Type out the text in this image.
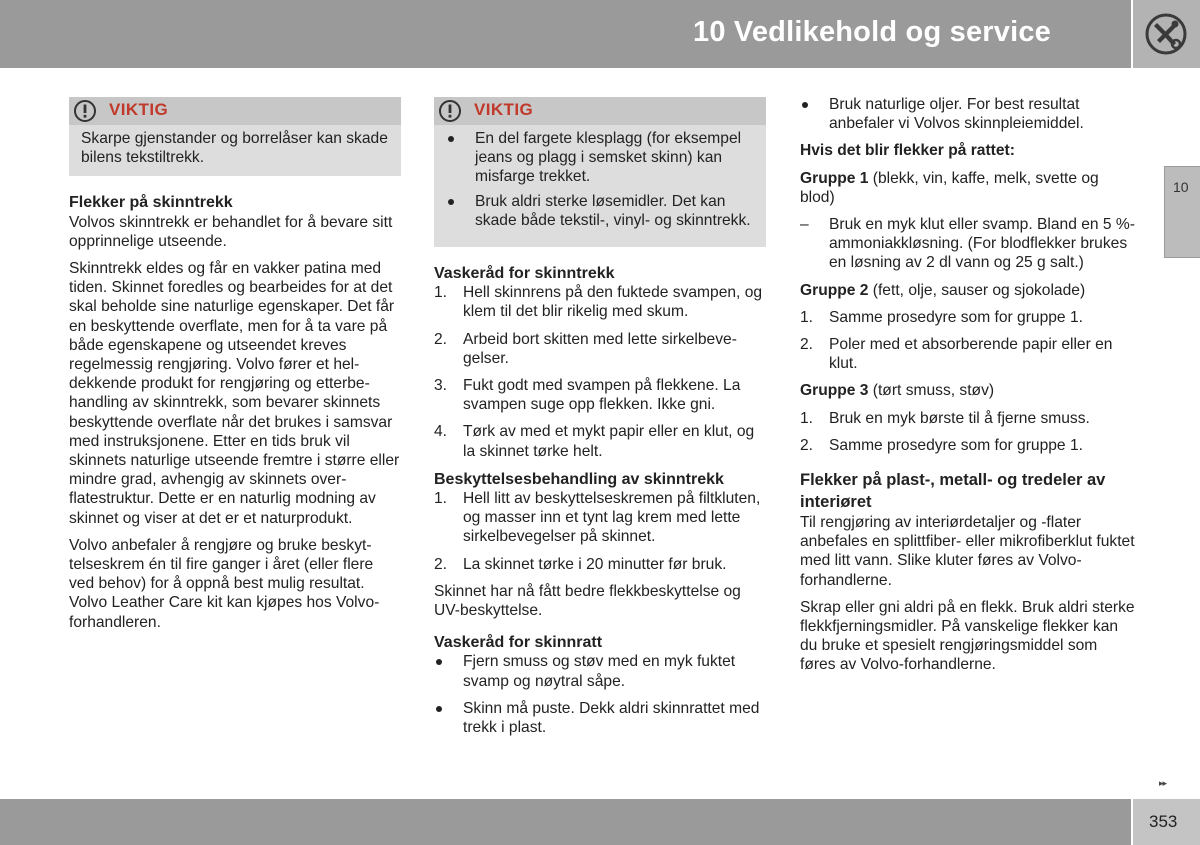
10 Vedlikehold og service
10
VIKTIG
Skarpe gjenstander og borrelåser kan skade bilens tekstiltrekk.
Flekker på skinntrekk

Volvos skinntrekk er behandlet for å bevare sitt opprinnelige utseende.

Skinntrekk eldes og får en vakker patina med tiden. Skinnet foredles og bearbeides for at det skal beholde sine naturlige egenskaper. Det får en beskyttende overflate, men for å ta vare på både egenskapene og utseendet kreves regelmessig rengjøring. Volvo fører et heldekkende produkt for rengjøring og etterbehandling av skinntrekk, som bevarer skinnets beskyttende overflate når det brukes i samsvar med instruksjonene. Etter en tids bruk vil skinnets naturlige utseende fremtre i større eller mindre grad, avhengig av skinnets overflatestruktur. Dette er en naturlig modning av skinnet og viser at det er et naturprodukt.

Volvo anbefaler å rengjøre og bruke beskyttelseskrem én til fire ganger i året (eller flere ved behov) for å oppnå best mulig resultat. Volvo Leather Care kit kan kjøpes hos Volvoforhandleren.

VIKTIG
En del fargete klesplagg (for eksempel jeans og plagg i semsket skinn) kan misfarge trekket.
Bruk aldri sterke løsemidler. Det kan skade både tekstil-, vinyl- og skinntrekk.
Vaskeråd for skinntrekk
1. Hell skinnrens på den fuktede svampen, og klem til det blir rikelig med skum.
2. Arbeid bort skitten med lette sirkelbevegelser.
3. Fukt godt med svampen på flekkene. La svampen suge opp flekken. Ikke gni.
4. Tørk av med et mykt papir eller en klut, og la skinnet tørke helt.
Beskyttelsesbehandling av skinntrekk
1. Hell litt av beskyttelseskremen på filtkluten, og masser inn et tynt lag krem med lette sirkelbevegelser på skinnet.
2. La skinnet tørke i 20 minutter før bruk.

Skinnet har nå fått bedre flekkbeskyttelse og UV-beskyttelse.

Vaskeråd for skinnratt
Fjern smuss og støv med en myk fuktet svamp og nøytral såpe.
Skinn må puste. Dekk aldri skinnrattet med trekk i plast.
Bruk naturlige oljer. For best resultat anbefaler vi Volvos skinnpleiemiddel.

Hvis det blir flekker på rattet:

Gruppe 1 (blekk, vin, kaffe, melk, svette og blod)

– Bruk en myk klut eller svamp. Bland en 5 %-ammoniakkløsning. (For blodflekker brukes en løsning av 2 dl vann og 25 g salt.)

Gruppe 2 (fett, olje, sauser og sjokolade)

1. Samme prosedyre som for gruppe 1.
2. Poler med et absorberende papir eller en klut.

Gruppe 3 (tørt smuss, støv)

1. Bruk en myk børste til å fjerne smuss.
2. Samme prosedyre som for gruppe 1.
Flekker på plast-, metall- og tredeler av interiøret

Til rengjøring av interiørdetaljer og -flater anbefales en splittfiber- eller mikrofiberklut fuktet med litt vann. Slike kluter føres av Volvo-forhandlerne.

Skrap eller gni aldri på en flekk. Bruk aldri sterke flekkfjerningsmidler. På vanskelige flekker kan du bruke et spesielt rengjøringsmiddel som føres av Volvo-forhandlerne.

▸▸
353
